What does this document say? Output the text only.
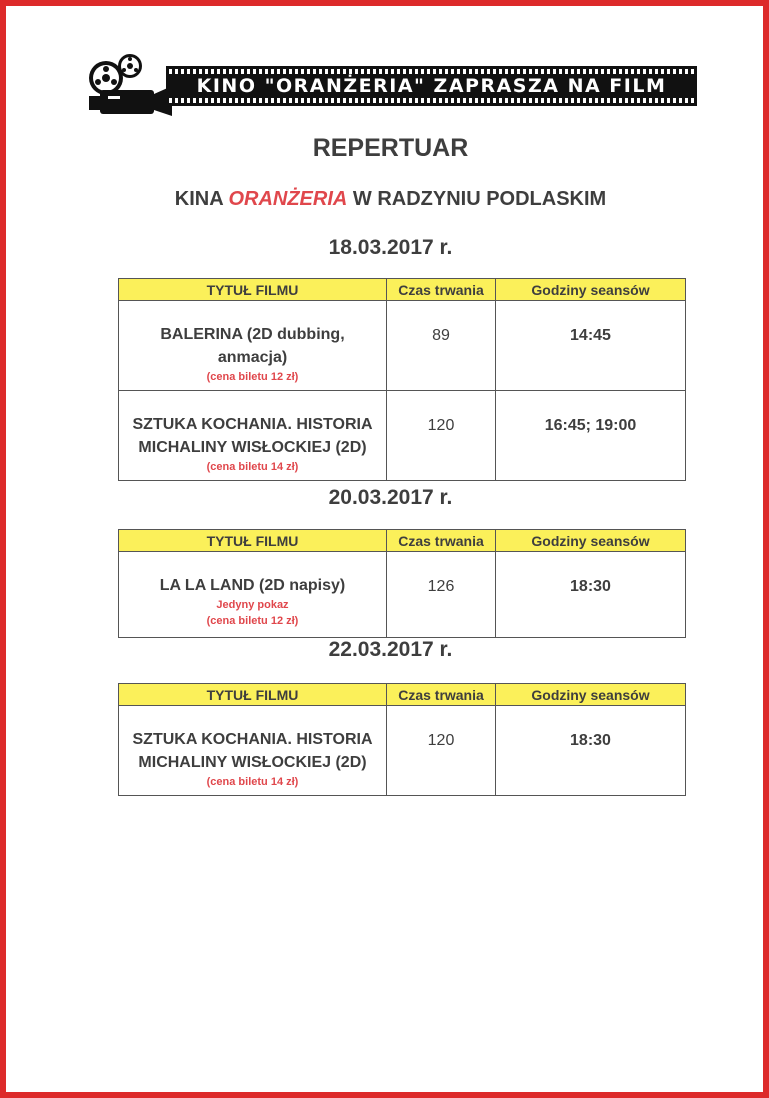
KINO "ORANŻERIA" ZAPRASZA NA FILM
REPERTUAR
KINA ORANŻERIA W RADZYNIU PODLASKIM
18.03.2017 r.
TYTUŁ FILMU	Czas trwania	Godziny seansów

BALERINA (2D dubbing,
anmacja)
(cena biletu 12 zł)	89	14:45

SZTUKA KOCHANIA. HISTORIA
MICHALINY WISŁOCKIEJ (2D)
(cena biletu 14 zł)	120	16:45; 19:00
20.03.2017 r.
TYTUŁ FILMU	Czas trwania	Godziny seansów

LA LA LAND (2D napisy)
Jedyny pokaz
(cena biletu 12 zł)	126	18:30
22.03.2017 r.
TYTUŁ FILMU	Czas trwania	Godziny seansów

SZTUKA KOCHANIA. HISTORIA
MICHALINY WISŁOCKIEJ (2D)
(cena biletu 14 zł)	120	18:30
